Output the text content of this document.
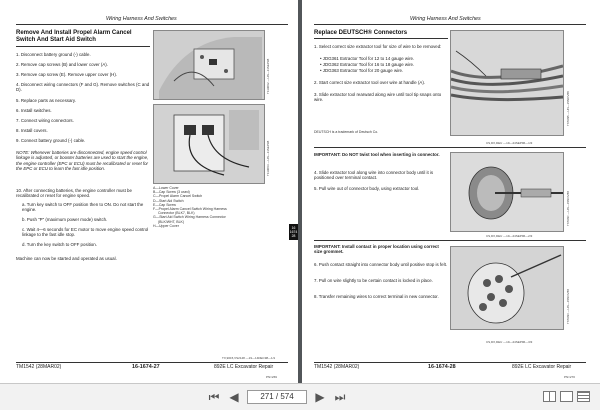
Wiring Harness And Switches
Remove And Install Propel Alarm Cancel Switch And Start Aid Switch
1. Disconnect battery ground (-) cable.
2. Remove cap screws (B) and lower cover (A).
3. Remove cap screw (E). Remove upper cover (H).
4. Disconnect wiring connectors (F and G). Remove switches (C and D).
5. Replace parts as necessary.
6. Install switches.
7. Connect wiring connectors.
8. Install covers.
9. Connect battery ground (-) cable.
NOTE: Whenever batteries are disconnected, engine speed control linkage is adjusted, or booster batteries are used to start the engine, the engine controller (EPC or ECU) must be recalibrated or reset for the EPC or ECU to learn the fast idle position.
10. After connecting batteries, the engine controller must be recalibrated or reset for engine speed.
a. Turn key switch to OFF position then to ON. Do not start the engine.
b. Push "P" (maximum power mode) switch.
c. Wait 4—6 seconds for EC motor to move engine speed control linkage to the fast idle stop.
d. Turn the key switch to OFF position.
Machine can now be started and operated as usual.
T119062 —UN—11SEP98
T119063 —UN—11SEP98
A—Lower Cover
B—Cap Screw (3 used)
C—Propel Alarm Cancel Switch
D—Start Aid Switch
E—Cap Screw
F—Propel Alarm Cancel Switch Wiring Harness
Connector (BLK7, BLK)
G—Start Aid Switch Wiring Harness Connector
(BLK/WHT, BLK)
H—Upper Cover
TX,9015,VS2148 —19—14DEC98—1/1
TM1542 (28MAR02)	16-1674-27	892E LC Excavator Repair
PN=269
16 1674 28
Wiring Harness And Switches
Replace DEUTSCH® Connectors
1. Select correct size extractor tool for size of wire to be removed:
• JDG361 Extractor Tool for 12 to 14 gauge wire.
• JDG362 Extractor Tool for 16 to 18 gauge wire.
• JDG363 Extractor Tool for 20 gauge wire.
2. Start correct size extractor tool over wire at handle (A).
3. Slide extractor tool rearward along wire until tool tip snaps onto wire.
DEUTSCH is a trademark of Deutsch Co.
CS,DX,DEU —19—24SEP96—1/3
IMPORTANT: Do NOT twist tool when inserting in connector.
4. Slide extractor tool along wire into connector body until it is positioned over terminal contact.
5. Pull wire out of connector body, using extractor tool.
CS,DX,DEU —19—24SEP96—2/3
IMPORTANT: Install contact in proper location using correct size grommet.
6. Push contact straight into connector body until positive stop is felt.
7. Pull on wire slightly to be certain contact is locked in place.
8. Transfer remaining wires to correct terminal in new connector.
T6796B —UN—15NOV88
T6796C —UN—15NOV88
T6796D —UN—15NOV88
CS,DX,DEU —19—24SEP96—3/3
TM1542 (28MAR02)	16-1674-28	892E LC Excavator Repair
PN=270
⏮ ◀	271 / 574	▶ ⏭
